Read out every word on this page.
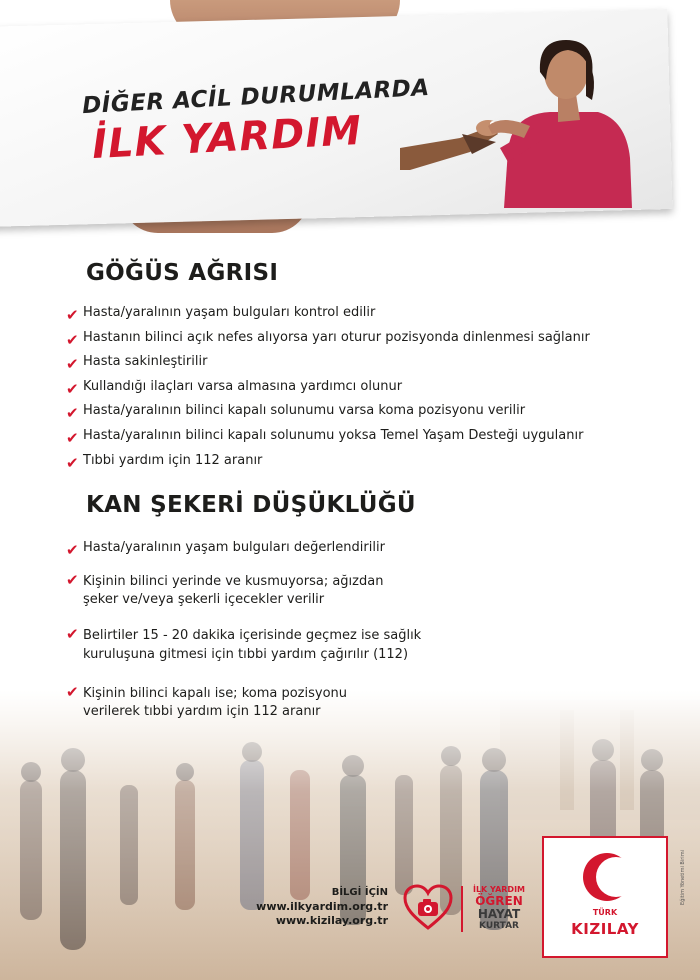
DİĞER ACİL DURUMLARDA
İLK YARDIM
GÖĞÜS AĞRISI
✔ Hasta/yaralının yaşam bulguları kontrol edilir
✔ Hastanın bilinci açık nefes alıyorsa yarı oturur pozisyonda dinlenmesi sağlanır
✔ Hasta sakinleştirilir
✔ Kullandığı ilaçları varsa almasına yardımcı olunur
✔ Hasta/yaralının bilinci kapalı solunumu varsa koma pozisyonu verilir
✔ Hasta/yaralının bilinci kapalı solunumu yoksa Temel Yaşam Desteği uygulanır
✔ Tıbbi yardım için 112 aranır
KAN ŞEKERİ DÜŞÜKLÜĞÜ
✔ Hasta/yaralının yaşam bulguları değerlendirilir
✔ Kişinin bilinci yerinde ve kusmuyorsa; ağızdan
şeker ve/veya şekerli içecekler verilir
✔ Belirtiler 15 - 20 dakika içerisinde geçmez ise sağlık
kuruluşuna gitmesi için tıbbi yardım çağırılır (112)
✔ Kişinin bilinci kapalı ise; koma pozisyonu
verilerek tıbbi yardım için 112 aranır
BİLGİ İÇİN
www.ilkyardim.org.tr
www.kizilay.org.tr
İLK YARDIM
ÖĞREN
HAYAT
KURTAR
TÜRK
KIZILAY
Eğitim Yönetimi Birimi
